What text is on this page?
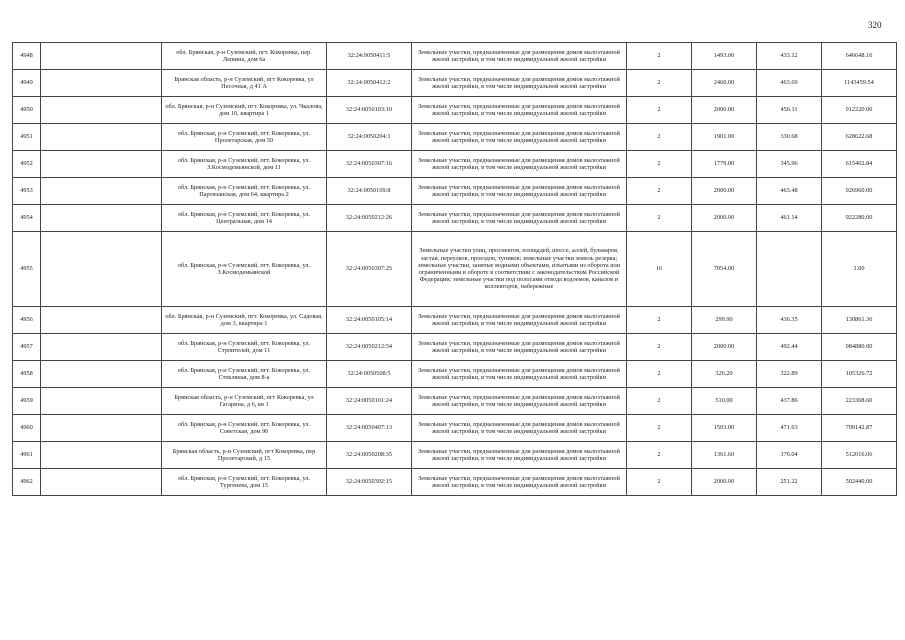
320
4948		обл. Брянская, р-н Суземский, пгт. Кокоревка, пер. Лешина, дом 6а	32:24:0050411:5	Земельные участки, предназначенные для размещения домов малоэтажной жилой застройки, в том числе индивидуальной жилой застройки	2	1493.00	433.12	646648.16
4949		Брянская область, р-н Суземский, пгт Кокоревка, ул Песочная, д 41 А	32:24:0050412:2	Земельные участки, предназначенные для размещения домов малоэтажной жилой застройки, в том числе индивидуальной жилой застройки	2	2466.00	463.69	1143459.54
4950		обл. Брянская, р-н Суземский, пгт. Кокоревка, ул. Чкалова, дом 10, квартира 1	32:24:0050103:10	Земельные участки, предназначенные для размещения домов малоэтажной жилой застройки, в том числе индивидуальной жилой застройки	2	2000.00	456.11	912220.00
4951		обл. Брянская, р-н Суземский, пгт. Кокоревка, ул. Пролетарская, дом 50	32:24:0050204:1	Земельные участки, предназначенные для размещения домов малоэтажной жилой застройки, в том числе индивидуальной жилой застройки	2	1901.00	330.68	628622.68
4952		обл. Брянская, р-н Суземский, пгт. Кокоревка, ул. З.Космодемьянской, дом 11	32:24:0050307:16	Земельные участки, предназначенные для размещения домов малоэтажной жилой застройки, в том числе индивидуальной жилой застройки	2	1779.00	345.96	615462.84
4953		обл. Брянская, р-н Суземский, пгт. Кокоревка, ул. Партизанская, дом 64, квартира 2	32:24:0050109:8	Земельные участки, предназначенные для размещения домов малоэтажной жилой застройки, в том числе индивидуальной жилой застройки	2	2000.00	463.48	926960.00
4954		обл. Брянская, р-н Суземский, пгт. Кокоревка, ул. Центральная, дом 14	32:24:0050212:26	Земельные участки, предназначенные для размещения домов малоэтажной жилой застройки, в том числе индивидуальной жилой застройки	2	2000.00	461.14	922280.00
4955		обл. Брянская, р-н Суземский, пгт. Кокоревка, ул. З.Космодемьянской	32:24:0050307:25	Земельные участки улиц, проспектов, площадей, шоссе, аллей, бульваров, застав, переулков, проездов, тупиков; земельные участки земель резерва; земельные участки, занятые водными объектами, изъятыми из оборота или ограниченными в обороте в соответствии с законодательством Российской Федерации; земельные участки под полосами отвода водоемов, каналов и коллекторов, набережные	16	7054.00		1.00
4956		обл. Брянская, р-н Суземский, пгт. Кокоревка, ул. Садовая, дом 3, квартира 1	32:24:0050105:14	Земельные участки, предназначенные для размещения домов малоэтажной жилой застройки, в том числе индивидуальной жилой застройки	2	299.90	436.35	130861.36
4957		обл. Брянская, р-н Суземский, пгт. Кокоревка, ул. Строителей, дом 11	32:24:0050212:54	Земельные участки, предназначенные для размещения домов малоэтажной жилой застройки, в том числе индивидуальной жилой застройки	2	2000.00	492.44	984880.00
4958		обл. Брянская, р-н Суземский, пгт. Кокоревка, ул. Стекляная, дом 8-а	32:24:0050508:5	Земельные участки, предназначенные для размещения домов малоэтажной жилой застройки, в том числе индивидуальной жилой застройки	2	326.20	322.89	105326.72
4959		Брянская область, р-н Суземский, пгт Кокоревка, ул Гагарина, д 6, кв 1	32:24:0050101:24	Земельные участки, предназначенные для размещения домов малоэтажной жилой застройки, в том числе индивидуальной жилой застройки	2	510.00	437.86	223308.60
4960		обл. Брянская, р-н Суземский, пгт. Кокоревка, ул. Советская, дом 90	32:24:0050407:13	Земельные участки, предназначенные для размещения домов малоэтажной жилой застройки, в том числе индивидуальной жилой застройки	2	1503.00	471.63	709142.87
4961		Брянская область, р-н Суземский, пгт Кокоревка, пер Пролетарский, д 15	32:24:0050208:35	Земельные участки, предназначенные для размещения домов малоэтажной жилой застройки, в том числе индивидуальной жилой застройки	2	1361.60	376.04	512016.06
4962		обл. Брянская, р-н Суземский, пгт. Кокоревка, ул. Тургенева, дом 15	32:24:0050302:15	Земельные участки, предназначенные для размещения домов малоэтажной жилой застройки, в том числе индивидуальной жилой застройки	2	2000.00	251.22	502440.00
